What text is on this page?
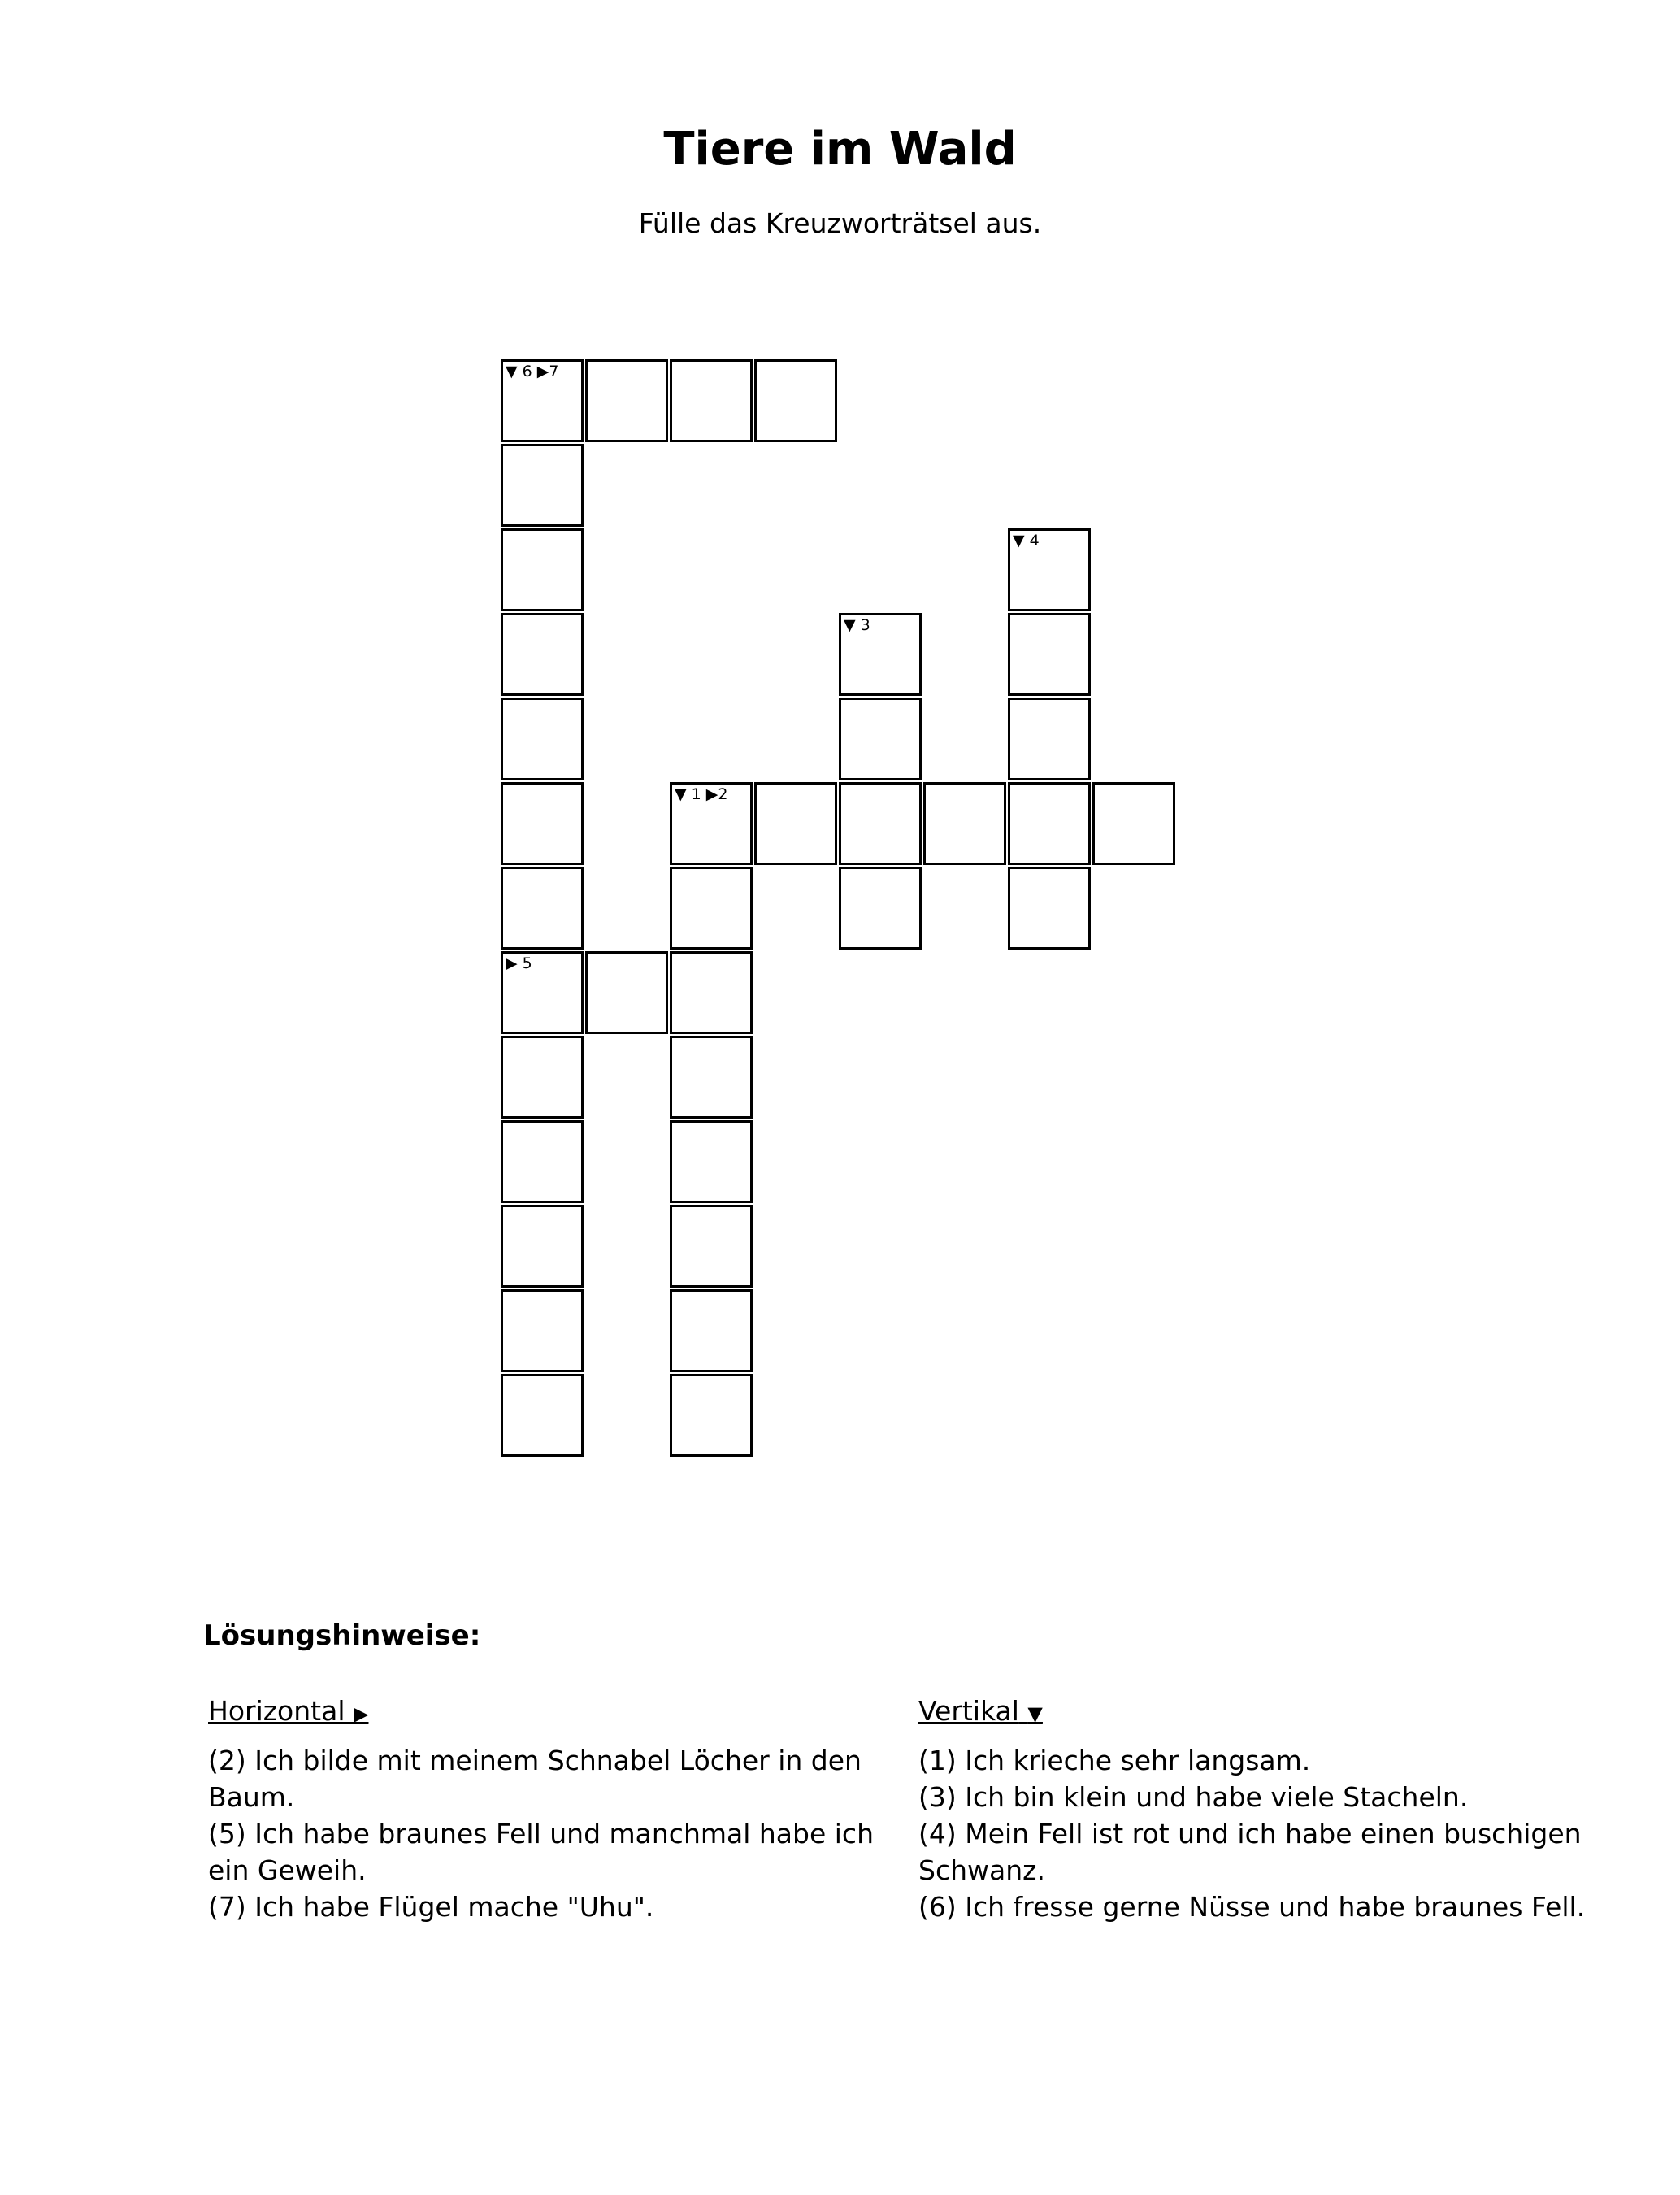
Tiere im Wald

Fülle das Kreuzworträtsel aus.

▼ 6 ▶7
▼ 4
▼ 3
▼ 1 ▶2
▶ 5
Lösungshinweise:

Horizontal ▶

(2) Ich bilde mit meinem Schnabel Löcher in den Baum.

(5) Ich habe braunes Fell und manchmal habe ich ein Geweih.

(7) Ich habe Flügel mache "Uhu".

Vertikal ▼

(1) Ich krieche sehr langsam.

(3) Ich bin klein und habe viele Stacheln.

(4) Mein Fell ist rot und ich habe einen buschigen Schwanz.

(6) Ich fresse gerne Nüsse und habe braunes Fell.
